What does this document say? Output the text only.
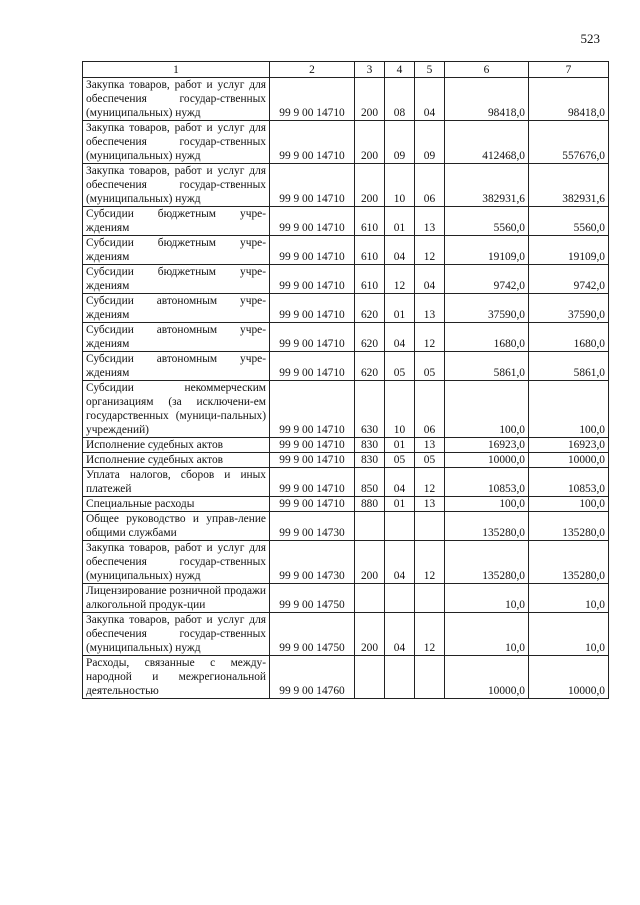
523
1	2	3	4	5	6	7
Закупка товаров, работ и услуг для обеспечения государ-ственных (муниципальных) нужд	99 9 00 14710	200	08	04	98418,0	98418,0
Закупка товаров, работ и услуг для обеспечения государ-ственных (муниципальных) нужд	99 9 00 14710	200	09	09	412468,0	557676,0
Закупка товаров, работ и услуг для обеспечения государ-ственных (муниципальных) нужд	99 9 00 14710	200	10	06	382931,6	382931,6
Субсидии бюджетным учре-ждениям	99 9 00 14710	610	01	13	5560,0	5560,0
Субсидии бюджетным учре-ждениям	99 9 00 14710	610	04	12	19109,0	19109,0
Субсидии бюджетным учре-ждениям	99 9 00 14710	610	12	04	9742,0	9742,0
Субсидии автономным учре-ждениям	99 9 00 14710	620	01	13	37590,0	37590,0
Субсидии автономным учре-ждениям	99 9 00 14710	620	04	12	1680,0	1680,0
Субсидии автономным учре-ждениям	99 9 00 14710	620	05	05	5861,0	5861,0
Субсидии некоммерческим организациям (за исключени-ем государственных (муници-пальных) учреждений)	99 9 00 14710	630	10	06	100,0	100,0
Исполнение судебных актов	99 9 00 14710	830	01	13	16923,0	16923,0
Исполнение судебных актов	99 9 00 14710	830	05	05	10000,0	10000,0
Уплата налогов, сборов и иных платежей	99 9 00 14710	850	04	12	10853,0	10853,0
Специальные расходы	99 9 00 14710	880	01	13	100,0	100,0
Общее руководство и управ-ление общими службами	99 9 00 14730				135280,0	135280,0
Закупка товаров, работ и услуг для обеспечения государ-ственных (муниципальных) нужд	99 9 00 14730	200	04	12	135280,0	135280,0
Лицензирование розничной продажи алкогольной продук-ции	99 9 00 14750				10,0	10,0
Закупка товаров, работ и услуг для обеспечения государ-ственных (муниципальных) нужд	99 9 00 14750	200	04	12	10,0	10,0
Расходы, связанные с между-народной и межрегиональной деятельностью	99 9 00 14760				10000,0	10000,0
